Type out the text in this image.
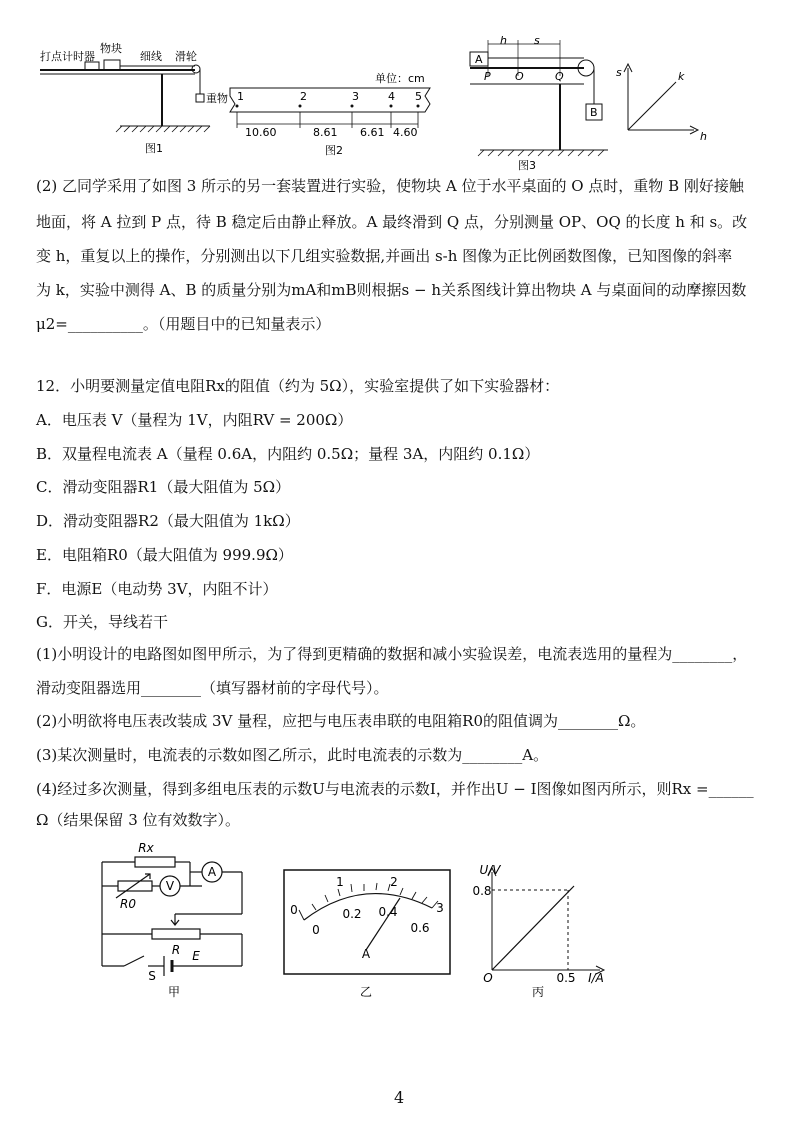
打点计时器
物块
细线 滑轮
重物
图1
单位：cm
1	2	3	4 5
10.60	8.61 6.61 4.60
图2
h s
A
P O	Q
B
图3
s
h
k
(2) 乙同学采用了如图 3 所示的另一套装置进行实验，使物块 A 位于水平桌面的 O 点时，重物 B 刚好接触
地面，将 A 拉到 P 点，待 B 稳定后由静止释放。A 最终滑到 Q 点，分别测量 OP、OQ 的长度 h 和 s。改
变 h，重复以上的操作，分别测出以下几组实验数据,并画出 s-h 图像为正比例函数图像，已知图像的斜率
为 k，实验中测得 A、B 的质量分别为mA和mB则根据s − h关系图线计算出物块 A 与桌面间的动摩擦因数
μ2=__________。（用题目中的已知量表示）
12．小明要测量定值电阻Rx的阻值（约为 5Ω），实验室提供了如下实验器材：
A．电压表 V（量程为 1V，内阻RV = 200Ω）
B．双量程电流表 A（量程 0.6A，内阻约 0.5Ω；量程 3A，内阻约 0.1Ω）
C．滑动变阻器R1（最大阻值为 5Ω）
D．滑动变阻器R2（最大阻值为 1kΩ）
E．电阻箱R0（最大阻值为 999.9Ω）
F．电源E（电动势 3V，内阻不计）
G．开关，导线若干
(1)小明设计的电路图如图甲所示，为了得到更精确的数据和减小实验误差，电流表选用的量程为________，
滑动变阻器选用________（填写器材前的字母代号）。
(2)小明欲将电压表改装成 3V 量程，应把与电压表串联的电阻箱R0的阻值调为________Ω。
(3)某次测量时，电流表的示数如图乙所示，此时电流表的示数为________A。
(4)经过多次测量，得到多组电压表的示数U与电流表的示数I，并作出U − I图像如图丙所示，则Rx =______
Ω（结果保留 3 位有效数字）。
Rx
V
A
R0
R
S
E
甲
0
1	2
3
0
0.2 0.4
0.6
A
乙
U/V
0.8
0.5 I/A
O
丙
4
